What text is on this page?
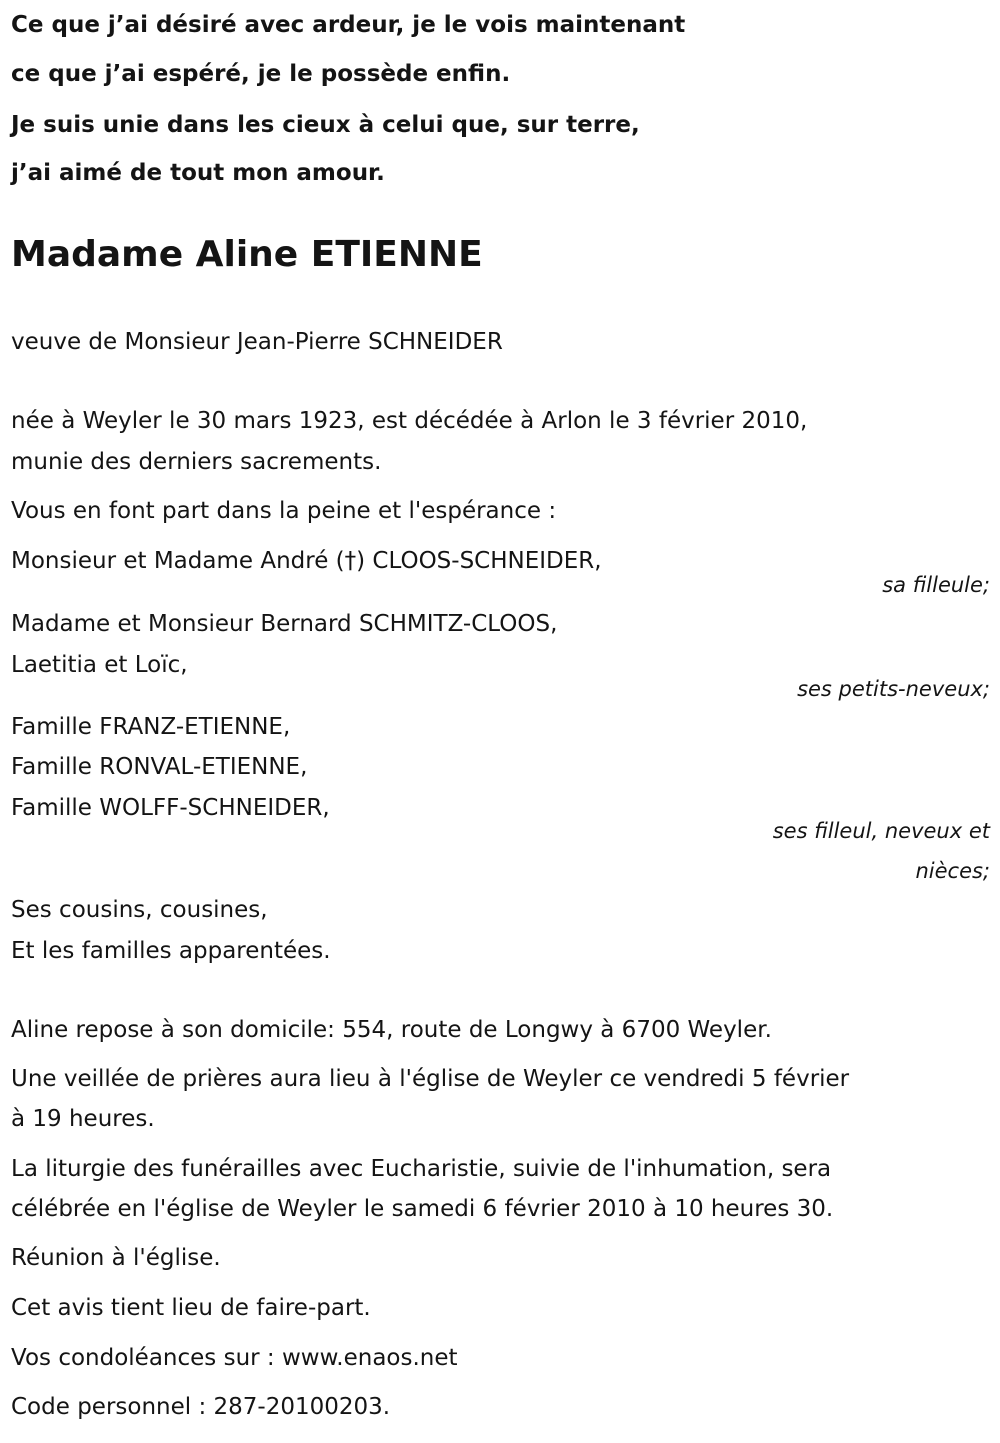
Ce que j’ai désiré avec ardeur, je le vois maintenant
ce que j’ai espéré, je le possède enfin.
Je suis unie dans les cieux à celui que, sur terre,
j’ai aimé de tout mon amour.
Madame Aline ETIENNE
veuve de Monsieur Jean-Pierre SCHNEIDER
née à Weyler le 30 mars 1923, est décédée à Arlon le 3 février 2010,
munie des derniers sacrements.
Vous en font part dans la peine et l'espérance :
Monsieur et Madame André (†) CLOOS-SCHNEIDER,
sa filleule;
Madame et Monsieur Bernard SCHMITZ-CLOOS,
Laetitia et Loïc,
ses petits-neveux;
Famille FRANZ-ETIENNE,
Famille RONVAL-ETIENNE,
Famille WOLFF-SCHNEIDER,
ses filleul, neveux et
nièces;
Ses cousins, cousines,
Et les familles apparentées.
Aline repose à son domicile: 554, route de Longwy à 6700 Weyler.
Une veillée de prières aura lieu à l'église de Weyler ce vendredi 5 février
à 19 heures.
La liturgie des funérailles avec Eucharistie, suivie de l'inhumation, sera
célébrée en l'église de Weyler le samedi 6 février 2010 à 10 heures 30.
Réunion à l'église.
Cet avis tient lieu de faire-part.
Vos condoléances sur : www.enaos.net
Code personnel : 287-20100203.
